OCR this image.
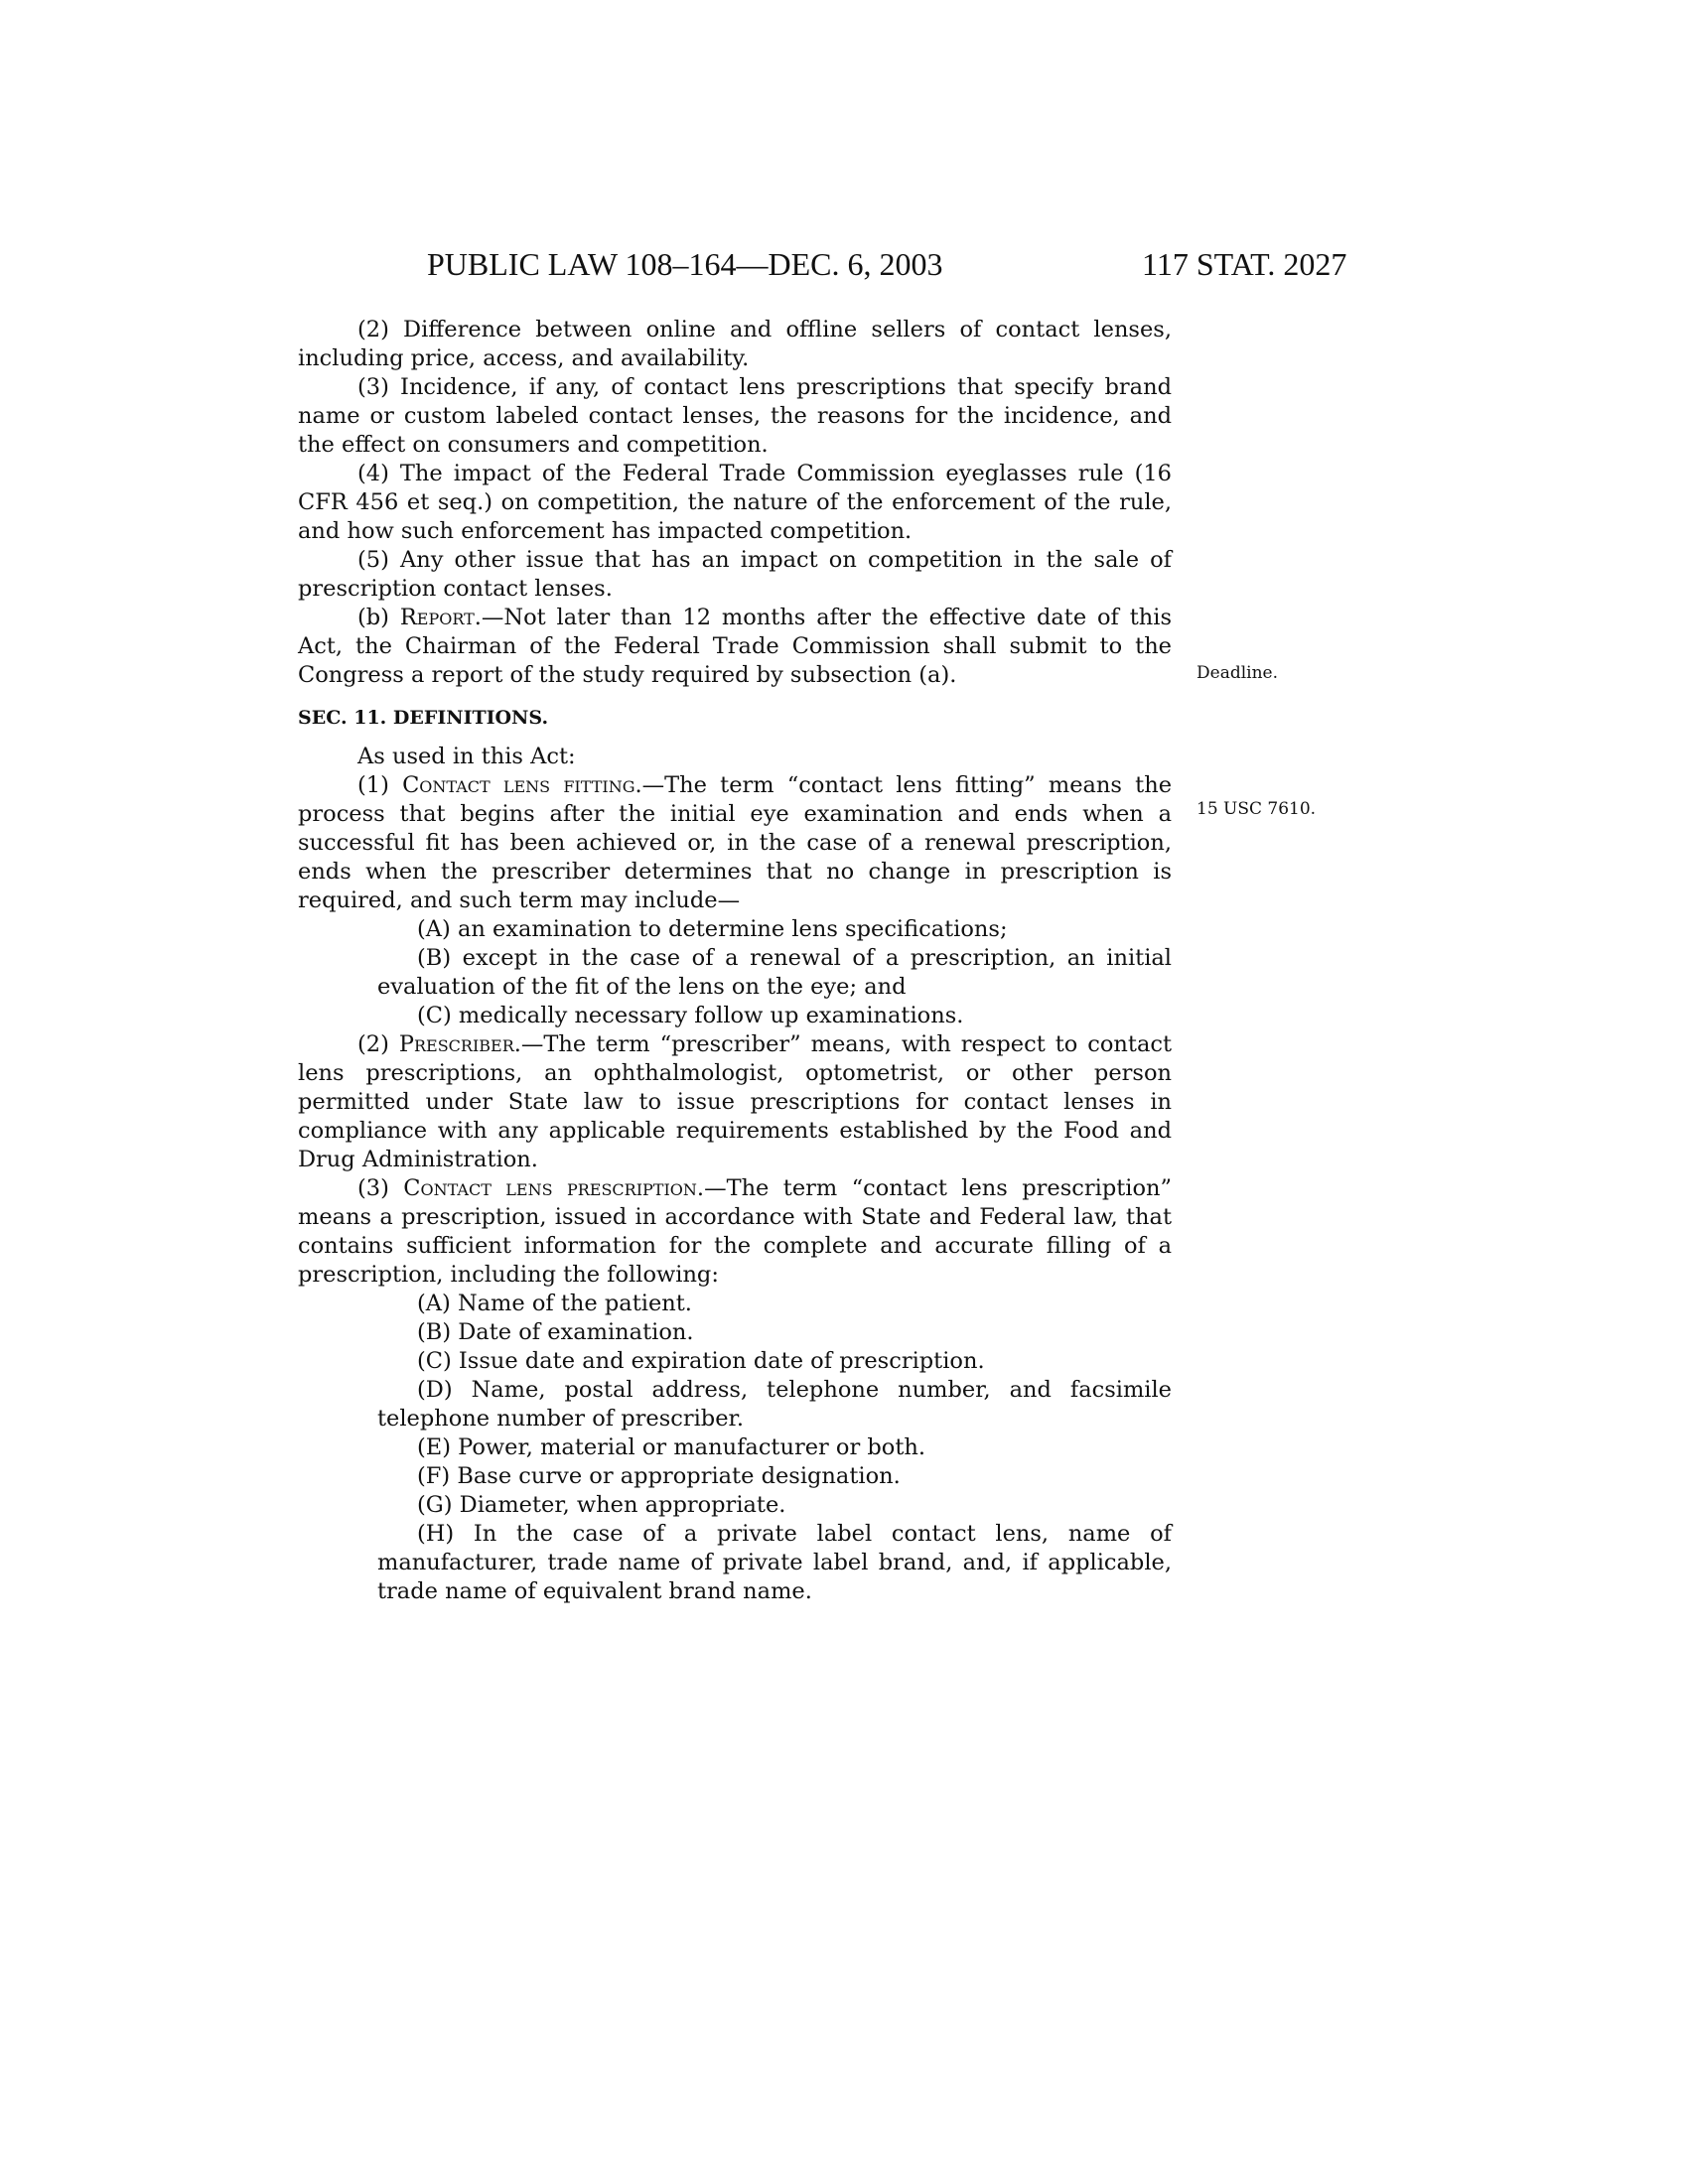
PUBLIC LAW 108–164—DEC. 6, 2003	117 STAT. 2027
Deadline.
15 USC 7610.

(2) Difference between online and offline sellers of contact lenses, including price, access, and availability.

(3) Incidence, if any, of contact lens prescriptions that specify brand name or custom labeled contact lenses, the reasons for the incidence, and the effect on consumers and competition.

(4) The impact of the Federal Trade Commission eyeglasses rule (16 CFR 456 et seq.) on competition, the nature of the enforcement of the rule, and how such enforcement has impacted competition.

(5) Any other issue that has an impact on competition in the sale of prescription contact lenses.

(b) Report.—Not later than 12 months after the effective date of this Act, the Chairman of the Federal Trade Commission shall submit to the Congress a report of the study required by subsection (a).

SEC. 11. DEFINITIONS.

As used in this Act:

(1) Contact lens fitting.—The term “contact lens fitting” means the process that begins after the initial eye examination and ends when a successful fit has been achieved or, in the case of a renewal prescription, ends when the prescriber determines that no change in prescription is required, and such term may include—

(A) an examination to determine lens specifications;

(B) except in the case of a renewal of a prescription, an initial evaluation of the fit of the lens on the eye; and

(C) medically necessary follow up examinations.

(2) Prescriber.—The term “prescriber” means, with respect to contact lens prescriptions, an ophthalmologist, optometrist, or other person permitted under State law to issue prescriptions for contact lenses in compliance with any applicable requirements established by the Food and Drug Administration.

(3) Contact lens prescription.—The term “contact lens prescription” means a prescription, issued in accordance with State and Federal law, that contains sufficient information for the complete and accurate filling of a prescription, including the following:

(A) Name of the patient.

(B) Date of examination.

(C) Issue date and expiration date of prescription.

(D) Name, postal address, telephone number, and facsimile telephone number of prescriber.

(E) Power, material or manufacturer or both.

(F) Base curve or appropriate designation.

(G) Diameter, when appropriate.

(H) In the case of a private label contact lens, name of manufacturer, trade name of private label brand, and, if applicable, trade name of equivalent brand name.
